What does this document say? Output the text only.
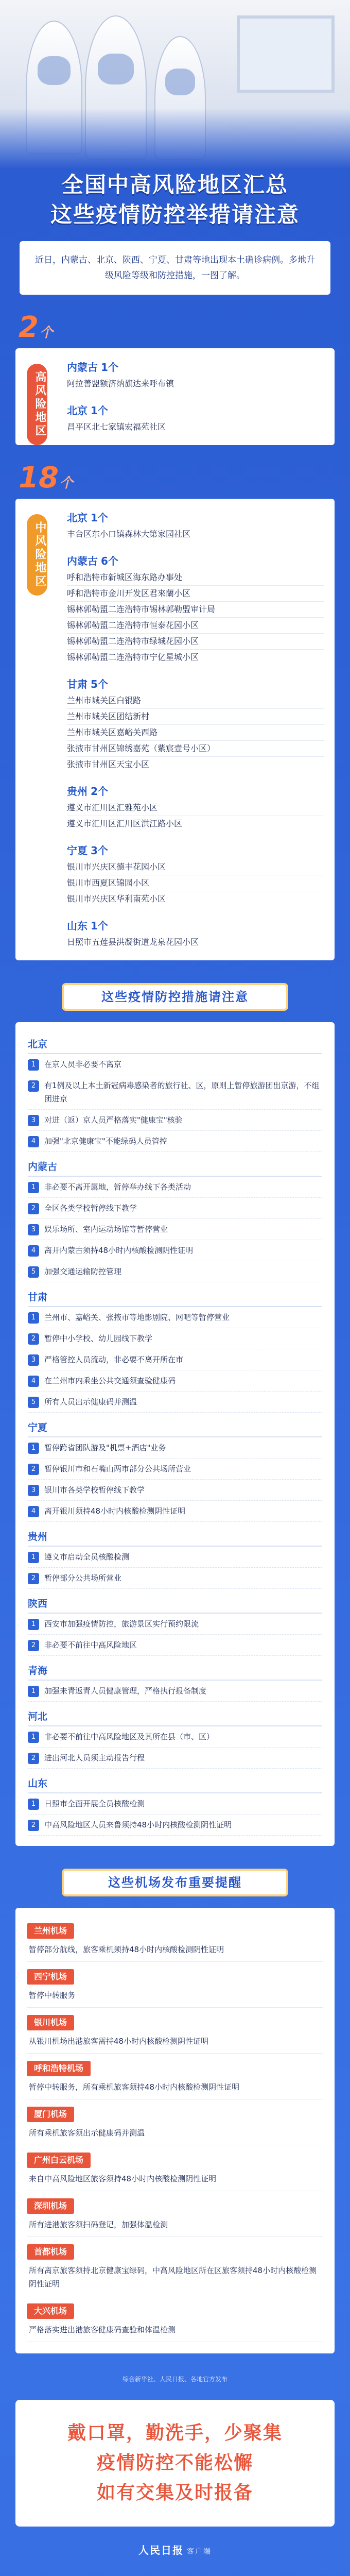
全国中高风险地区汇总
这些疫情防控举措请注意
近日，内蒙古、北京、陕西、宁夏、甘肃等地出现本土确诊病例。多地升级风险等级和防控措施，一图了解。
2个
高风险地区
内蒙古 1个
阿拉善盟额济纳旗达来呼布镇
北京 1个
昌平区北七家镇宏福苑社区
18个
中风险地区
北京 1个
丰台区东小口镇森林大第家园社区
内蒙古 6个
呼和浩特市新城区海东路办事处
呼和浩特市金川开发区君來蘭小区
锡林郭勒盟二连浩特市锡林郭勒盟审计局
锡林郭勒盟二连浩特市恒泰花园小区
锡林郭勒盟二连浩特市绿城花园小区
锡林郭勒盟二连浩特市宁亿星城小区
甘肃 5个
兰州市城关区白银路
兰州市城关区团结新村
兰州市城关区嘉峪关西路
张掖市甘州区锦绣嘉苑（紫宸壹号小区）
张掖市甘州区天宝小区
贵州 2个
遵义市汇川区汇雅苑小区
遵义市汇川区汇川区洪江路小区
宁夏 3个
银川市兴庆区德丰花园小区
银川市西夏区锦园小区
银川市兴庆区华利南苑小区
山东 1个
日照市五莲县洪凝街道龙泉花园小区
这些疫情防控措施请注意
北京
1	在京人员非必要不离京
2	有1例及以上本土新冠病毒感染者的旅行社、区，原则上暂停旅游团出京游，不组团进京
3	对进（返）京人员严格落实"健康宝"核验
4	加强"北京健康宝"不能绿码人员管控
内蒙古
1	非必要不离开属地，暂停举办线下各类活动
2	全区各类学校暂停线下教学
3	娱乐场所、室内运动场馆等暂停营业
4	离开内蒙古须持48小时内核酸检测阴性证明
5	加强交通运输防控管理
甘肃
1	兰州市、嘉峪关、张掖市等地影剧院、网吧等暂停营业
2	暂停中小学校、幼儿园线下教学
3	严格管控人员流动，非必要不离开所在市
4	在兰州市内乘坐公共交通须查验健康码
5	所有人员出示健康码并测温
宁夏
1	暂停跨省团队游及"机票+酒店"业务
2	暂停银川市和石嘴山两市部分公共场所营业
3	银川市各类学校暂停线下教学
4	离开银川须持48小时内核酸检测阴性证明
贵州
1	遵义市启动全员核酸检测
2	暂停部分公共场所营业
陕西
1	西安市加强疫情防控，旅游景区实行预约限流
2	非必要不前往中高风险地区
青海
1	加强来青返青人员健康管理，严格执行报备制度
河北
1	非必要不前往中高风险地区及其所在县（市、区）
2	进出河北人员须主动报告行程
山东
1	日照市全面开展全员核酸检测
2	中高风险地区人员来鲁须持48小时内核酸检测阴性证明
这些机场发布重要提醒
兰州机场
暂停部分航线，旅客乘机须持48小时内核酸检测阴性证明
西宁机场
暂停中转服务
银川机场
从银川机场出港旅客需持48小时内核酸检测阴性证明
呼和浩特机场
暂停中转服务，所有乘机旅客须持48小时内核酸检测阴性证明
厦门机场
所有乘机旅客须出示健康码并测温
广州白云机场
来自中高风险地区旅客须持48小时内核酸检测阴性证明
深圳机场
所有进港旅客须扫码登记，加强体温检测
首都机场
所有离京旅客须持北京健康宝绿码，中高风险地区所在区旅客须持48小时内核酸检测阴性证明
大兴机场
严格落实进出港旅客健康码查验和体温检测
综合新华社、人民日报、各地官方发布
戴口罩，勤洗手，少聚集
疫情防控不能松懈
如有交集及时报备
人民日报 客户端
